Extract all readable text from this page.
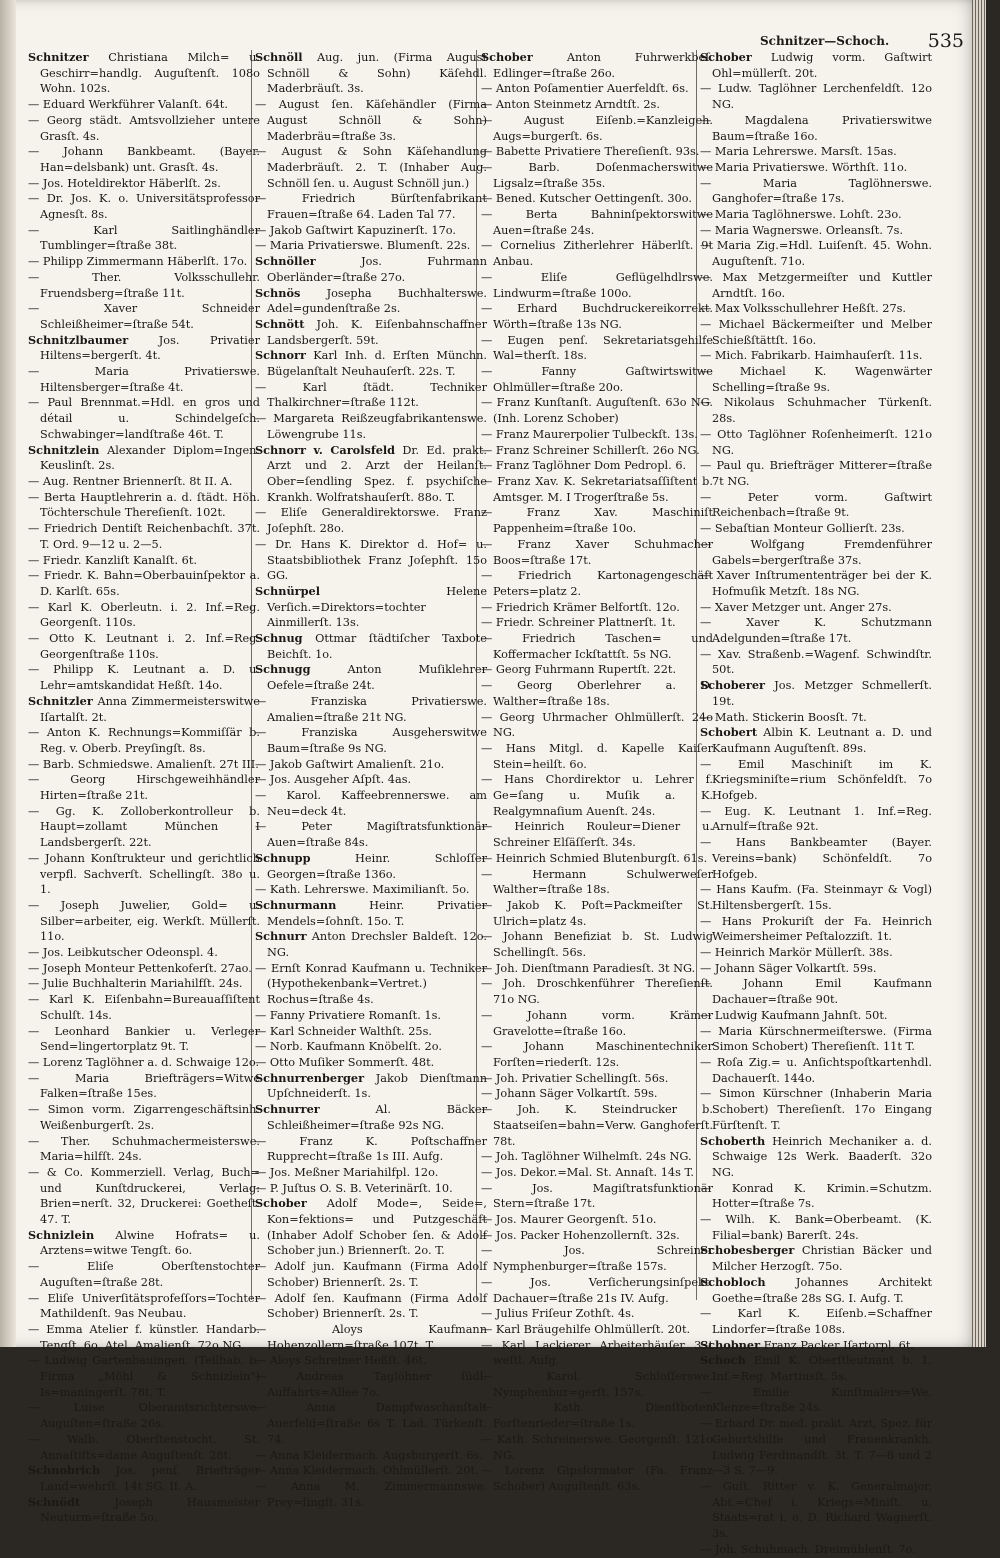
Schnitzer—Schoch. 535

Schnitzer Christiana Milch= u. Geschirr=handlg. Auguſtenſt. 108o Wohn. 102s.

— Eduard Werkführer Valanſt. 64t.

— Georg städt. Amtsvollzieher untere Grasſt. 4s.

— Johann Bankbeamt. (Bayer. Han=delsbank) unt. Grasſt. 4s.

— Jos. Hoteldirektor Häberlſt. 2s.

— Dr. Jos. K. o. Universitätsprofessor Agnesſt. 8s.

— Karl Saitlinghändler Tumblinger=ſtraße 38t.

— Philipp Zimmermann Häberlſt. 17o.

— Ther. Volksschullehr. Fruendsberg=ſtraße 11t.

— Xaver Schneider Schleißheimer=ſtraße 54t.

Schnitzlbaumer	Jos. Privatier Hiltens=bergerſt. 4t.

— Maria Privatierswe. Hiltensberger=ſtraße 4t.

— Paul Brennmat.=Hdl. en gros und détail u. Schindelgeſch. Schwabinger=landſtraße 46t. T.

Schnitzlein Alexander Diplom=Ingen. Keuslinſt. 2s.

— Aug. Rentner Briennerſt. 8t II. A.

— Berta Hauptlehrerin a. d. ſtädt. Höh. Töchterschule Thereſienſt. 102t.

— Friedrich Dentiſt Reichenbachſt. 37t. T. Ord. 9—12 u. 2—5.

— Friedr. Kanzliſt Kanalſt. 6t.

— Friedr. K. Bahn=Oberbauinſpektor a. D. Karlſt. 65s.

— Karl K. Oberleutn. i. 2. Inf.=Reg. Georgenſt. 110s.

— Otto K. Leutnant i. 2. Inf.=Reg. Georgenſtraße 110s.

— Philipp K. Leutnant a. D. u. Lehr=amtskandidat Heßſt. 14o.

Schnitzler Anna Zimmermeisterswitwe Iſartalſt. 2t.

— Anton K. Rechnungs=Kommiſſär b. Reg. v. Oberb. Preyſingſt. 8s.

— Barb. Schmiedswe. Amalienſt. 27t III.

— Georg Hirschgeweihhändler Hirten=ſtraße 21t.

— Gg. K. Zolloberkontrolleur b. Haupt=zollamt München I Landsbergerſt. 22t.

— Johann Konſtrukteur und gerichtlich verpfl. Sachverſt. Schellingſt. 38o u. 1.

— Joseph Juwelier, Gold= u. Silber=arbeiter, eig. Werkſt. Müllerſt. 11o.

— Jos. Leibkutscher Odeonspl. 4.

— Joseph Monteur Pettenkoferſt. 27ao.

— Julie Buchhalterin Mariahilfſt. 24s.

— Karl K. Eiſenbahn=Bureauaſſiſtent Schulſt. 14s.

— Leonhard Bankier u. Verleger Send=lingertorplatz 9t. T.

— Lorenz Taglöhner a. d. Schwaige 12o.

— Maria Briefträgers=Witwe Falken=ſtraße 15es.

— Simon vorm. Zigarrengeschäftsinh. Weißenburgerſt. 2s.

— Ther. Schuhmachermeisterswe. Maria=hilfſt. 24s.

— & Co. Kommerziell. Verlag, Buch= und Kunſtdruckerei, Verlag: Brien=nerſt. 32, Druckerei: Goetheſt. 47. T.

Schnizlein Alwine Hofrats= u. Arztens=witwe Tengſt. 6o.

— Eliſe Oberſtenstochter Auguſten=ſtraße 28t.

— Eliſe Univerſitätsprofeſſors=Tochter Mathildenſt. 9as Neubau.

— Emma Atelier f. künstler. Handarb. Tengſt. 6o, Atel. Amalienſt. 72o NG.

— Ludwig Gartenbauingen. (Teilhab. b. Firma „Möhl & Schnizlein") Is=maningerſt. 78t. T.

— Luise Oberamtsrichterswe. Auguſten=ſtraße 26s.

— Walb. Oberſtenstocht. St. Annaſtifts=dame Auguſtenſt. 28t.

Schnobrich Jos. penſ. Briefträger Land=wehrſt. 14t SG. II. A.

Schnödt	Joseph Hausmeister Neuturm=ſtraße 5o.

Schnöll Aug. jun. (Firma August Schnöll & Sohn) Käſehdl. Maderbräuſt. 3s.

— August ſen. Käſehändler (Firma August Schnöll & Sohn) Maderbräu=ſtraße 3s.

— August & Sohn Käſehandlung Maderbräuſt. 2. T. (Inhaber Aug. Schnöll ſen. u. August Schnöll jun.)

— Friedrich Bürſtenfabrikant Frauen=ſtraße 64. Laden Tal 77.

— Jakob Gaſtwirt Kapuzinerſt. 17o.

— Maria Privatierswe. Blumenſt. 22s.

Schnöller	Jos. Fuhrmann Oberländer=ſtraße 27o.

Schnös Josepha Buchhalterswe. Adel=gundenſtraße 2s.

Schnött Joh. K. Eiſenbahnschaffner Landsbergerſt. 59t.

Schnorr Karl Inh. d. Erſten Münchn. Bügelanſtalt Neuhauſerſt. 22s. T.

— Karl ſtädt. Techniker Thalkirchner=ſtraße 112t.

— Margareta Reißzeugfabrikantenswe. Löwengrube 11s.

Schnorr v. Carolsfeld Dr. Ed. prakt. Arzt und 2. Arzt der Heilanſt. Ober=ſendling Spez. f. psychiſche Krankh. Wolfratshauſerſt. 88o. T.

— Eliſe Generaldirektorswe. Franz Joſephſt. 28o.

— Dr. Hans K. Direktor d. Hof= u. Staatsbibliothek Franz Joſephſt. 15o GG.

Schnürpel	Helene Verſich.=Direktors=tochter Ainmillerſt. 13s.

Schnug Ottmar ſtädtiſcher Taxbote Beichſt. 1o.

Schnugg	Anton Muſiklehrer Oefele=ſtraße 24t.

— Franziska Privatierswe. Amalien=ſtraße 21t NG.

— Franziska Ausgeherswitwe Baum=ſtraße 9s NG.

— Jakob Gaſtwirt Amalienſt. 21o.

— Jos. Ausgeher Aſpſt. 4as.

— Karol. Kaffeebrennerswe. am Neu=deck 4t.

— Peter Magiſtratsfunktionär Auen=ſtraße 84s.

Schnupp	Heinr. Schloſſer Georgen=ſtraße 136o.

— Kath. Lehrerswe. Maximilianſt. 5o.

Schnurmann	Heinr. Privatier Mendels=ſohnſt. 15o. T.

Schnurr Anton Drechsler Baldeſt. 12o. NG.

— Ernſt Konrad Kaufmann u. Techniker (Hypothekenbank=Vertret.) Rochus=ſtraße 4s.

— Fanny Privatiere Romanſt. 1s.

— Karl Schneider Walthſt. 25s.

— Norb. Kaufmann Knöbelſt. 2o.

— Otto Muſiker Sommerſt. 48t.

Schnurrenberger Jakob Dienſtmann Upſchneiderſt. 1s.

Schnurrer	Al. Bäcker Schleißheimer=ſtraße 92s NG.

— Franz K. Poſtschaffner Rupprecht=ſtraße 1s III. Aufg.

— Jos. Meßner Mariahilfpl. 12o.

— P. Juſtus O. S. B. Veterinärſt. 10.

Schober Adolf Mode=, Seide=, Kon=fektions= und Putzgeschäft (Inhaber Adolf Schober ſen. & Adolf Schober jun.) Briennerſt. 2o. T.

— Adolf jun. Kaufmann (Firma Adolf Schober) Briennerſt. 2s. T.

— Adolf ſen. Kaufmann (Firma Adolf Schober) Briennerſt. 2s. T.

— Aloys Kaufmann Hohenzollern=ſtraße 107t. T.

— Aloys Schreiner Heßſt. 46t.

— Andreas Taglöhner ſüdl. Auffahrts=Allee 7o.

— Anna Dampfwaschanſtalt Auerfeld=ſtraße 6s T. Lad. Türkenſt. 74.

— Anna Kleidermach. Augsburgerſt. 6s.

— Anna Kleidermach. Ohlmüllerſt. 20t.

— Anna M. Zimmermannswe. Prey=ſingſt. 31s.

Schober	Anton Fuhrwerkbeſ. Edlinger=ſtraße 26o.

— Anton Poſamentier Auerfeldſt. 6s.

— Anton Steinmetz Arndtſt. 2s.

— August Eiſenb.=Kanzleigeh. Augs=burgerſt. 6s.

— Babette Privatiere Thereſienſt. 93s.

— Barb. Doſenmacherswitwe Ligsalz=ſtraße 35s.

— Bened. Kutscher Oettingenſt. 30o.

— Berta Bahninſpektorswitwe Auen=ſtraße 24s.

— Cornelius Zitherlehrer Häberlſt. 9t Anbau.

— Eliſe Geflügelhdlrswe. Lindwurm=ſtraße 100o.

— Erhard Buchdruckereikorrekt. Wörth=ſtraße 13s NG.

— Eugen penſ. Sekretariatsgehilfe Wal=therſt. 18s.

— Fanny Gaſtwirtswitwe Ohlmüller=ſtraße 20o.

— Franz Kunſtanſt. Auguſtenſt. 63o NG. (Inh. Lorenz Schober)

— Franz Maurerpolier Tulbeckſt. 13s.

— Franz Schreiner Schillerſt. 26o NG.

— Franz Taglöhner Dom Pedropl. 6.

— Franz Xav. K. Sekretariatsaſſiſtent b. Amtsger. M. I Trogerſtraße 5s.

— Franz Xav. Maschiniſt Pappenheim=ſtraße 10o.

— Franz Xaver Schuhmacher Boos=ſtraße 17t.

— Friedrich Kartonagengeschäft Peters=platz 2.

— Friedrich Krämer Belfortſt. 12o.

— Friedr. Schreiner Plattnerſt. 1t.

— Friedrich Taschen= und Koffermacher Ickſtattſt. 5s NG.

— Georg Fuhrmann Rupertſt. 22t.

— Georg Oberlehrer a. D. Walther=ſtraße 18s.

— Georg Uhrmacher Ohlmüllerſt. 24o NG.

— Hans Mitgl. d. Kapelle Kaiſer Stein=heilſt. 6o.

— Hans Chordirektor u. Lehrer f. Ge=ſang u. Muſik a. K. Realgymnaſium Auenſt. 24s.

— Heinrich Rouleur=Diener u. Schreiner Elſäſſerſt. 34s.

— Heinrich Schmied Blutenburgſt. 61s.

— Hermann Schulwerweſer Walther=ſtraße 18s.

— Jakob K. Poſt=Packmeiſter St. Ulrich=platz 4s.

— Johann Benefiziat b. St. Ludwig Schellingſt. 56s.

— Joh. Dienſtmann Paradiesſt. 3t NG.

— Joh. Droschkenführer Thereſienſt. 71o NG.

— Johann vorm. Krämer Gravelotte=ſtraße 16o.

— Johann Maschinentechniker Forſten=riederſt. 12s.

— Joh. Privatier Schellingſt. 56s.

— Johann Säger Volkartſt. 59s.

— Joh. K. Steindrucker b. Staatseiſen=bahn=Verw. Ganghoferſt. 78t.

— Joh. Taglöhner Wilhelmſt. 24s NG.

— Jos. Dekor.=Mal. St. Annaſt. 14s T.

— Jos. Magiſtratsfunktionär Stern=ſtraße 17t.

— Jos. Maurer Georgenſt. 51o.

— Jos. Packer Hohenzollernſt. 32s.

— Jos. Schreiner Nymphenburger=ſtraße 157s.

— Jos. Verſicherungsinſpekt. Dachauer=ſtraße 21s IV. Aufg.

— Julius Friſeur Zothſt. 4s.

— Karl Bräugehilfe Ohlmüllerſt. 20t.

— Karl Lackierer Arbeiterhäuſer 33t weſtl. Aufg.

— Karol. Schloſſerswe. Nymphenbur=gerſt. 157s.

— Kath. Dienſtboten Forſtenrieder=ſtraße 1s.

— Kath. Schreinerswe. Georgenſt. 121o NG.

— Lorenz Gipsformator (Fa. Franz Schober) Auguſtenſt. 63s.

Schober Ludwig vorm. Gaſtwirt Ohl=müllerſt. 20t.

— Ludw. Taglöhner Lerchenfeldſt. 12o NG.

— Magdalena Privatierswitwe Baum=ſtraße 16o.

— Maria Lehrerswe. Marsſt. 15as.

— Maria Privatierswe. Wörthſt. 11o.

— Maria Taglöhnerswe. Ganghofer=ſtraße 17s.

— Maria Taglöhnerswe. Lohſt. 23o.

— Maria Wagnerswe. Orleansſt. 7s.

— Maria Zig.=Hdl. Luiſenſt. 45. Wohn. Auguſtenſt. 71o.

— Max Metzgermeiſter und Kuttler Arndtſt. 16o.

— Max Volksschullehrer Heßſt. 27s.

— Michael Bäckermeiſter und Melber Schießſtättſt. 16o.

— Mich. Fabrikarb. Haimhauſerſt. 11s.

— Michael K. Wagenwärter Schelling=ſtraße 9s.

— Nikolaus Schuhmacher Türkenſt. 28s.

— Otto Taglöhner Roſenheimerſt. 121o NG.

— Paul qu. Briefträger Mitterer=ſtraße 7t NG.

— Peter vorm. Gaſtwirt Reichenbach=ſtraße 9t.

— Sebaſtian Monteur Gollierſt. 23s.

— Wolfgang Fremdenführer Gabels=bergerſtraße 37s.

— Xaver Inſtrumententräger bei der K. Hofmuſik Metzſt. 18s NG.

— Xaver Metzger unt. Anger 27s.

— Xaver K. Schutzmann Adelgunden=ſtraße 17t.

— Xav. Straßenb.=Wagenf. Schwindſtr. 50t.

Schoberer Jos. Metzger Schmellerſt. 19t.

— Math. Stickerin Boosſt. 7t.

Schobert Albin K. Leutnant a. D. und Kaufmann Auguſtenſt. 89s.

— Emil Maschiniſt im K. Kriegsminiſte=rium Schönfeldſt. 7o Hofgeb.

— Eug. K. Leutnant 1. Inf.=Reg. Arnulf=ſtraße 92t.

— Hans Bankbeamter (Bayer. Vereins=bank) Schönfeldſt. 7o Hofgeb.

— Hans Kaufm. (Fa. Steinmayr & Vogl) Hiltensbergerſt. 15s.

— Hans Prokuriſt der Fa. Heinrich Weimersheimer Peſtalozziſt. 1t.

— Heinrich Markör Müllerſt. 38s.

— Johann Säger Volkartſt. 59s.

— Johann Emil Kaufmann Dachauer=ſtraße 90t.

— Ludwig Kaufmann Jahnſt. 50t.

— Maria Kürschnermeiſterswe. (Firma Simon Schobert) Thereſienſt. 11t T.

— Roſa Zig.= u. Anſichtspoſtkartenhdl. Dachauerſt. 144o.

— Simon Kürschner (Inhaberin Maria Schobert) Thereſienſt. 17o Eingang Fürſtenſt. T.

Schoberth Heinrich Mechaniker a. d. Schwaige 12s Werk. Baaderſt. 32o NG.

— Konrad K. Krimin.=Schutzm. Hotter=ſtraße 7s.

— Wilh. K. Bank=Oberbeamt. (K. Filial=bank) Barerſt. 24s.

Schobesberger Christian Bäcker und Milcher Herzogſt. 75o.

Schobloch	Johannes Architekt Goethe=ſtraße 28s SG. I. Aufg. T.

— Karl K. Eiſenb.=Schaffner Lindorfer=ſtraße 108s.

Schobner Franz Packer Iſartorpl. 6t.

Schoch Emil K. Oberſtleutnant b. 1. Inf.=Reg. Martiusſt. 5s.

— Emilie Kunſtmalers=We. Klenze=ſtraße 24s.

— Erhard Dr. med. prakt. Arzt, Spez. für Geburtshilfe und Frauenkrankh. Ludwig Ferdinandſt. 3t. T. 7—8 und 2—3 S. 7—9.

— Guſt. Ritter v. K. Generalmajor, Abt.=Chef i. Kriegs=Miniſt. u. Staats=rat i. o. D. Richard Wagnerſt. 3s.

— Joh. Schuhmach. Dreimühlenſt. 7o.
